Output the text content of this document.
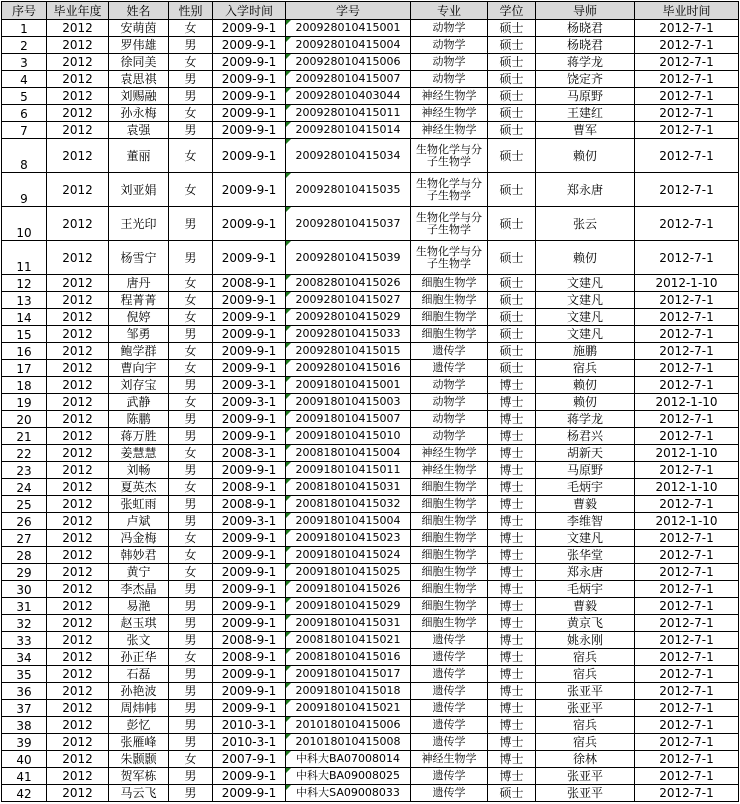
序号	毕业年度	姓名	性别	入学时间	学号	专业	学位	导师	毕业时间
1	2012	安萌茵	女	2009-9-1	200928010415001	动物学	硕士	杨晓君	2012-7-1
2	2012	罗伟雄	男	2009-9-1	200928010415004	动物学	硕士	杨晓君	2012-7-1
3	2012	徐同美	女	2009-9-1	200928010415006	动物学	硕士	蒋学龙	2012-7-1
4	2012	袁思祺	男	2009-9-1	200928010415007	动物学	硕士	饶定齐	2012-7-1
5	2012	刘赐融	男	2009-9-1	200928010403044	神经生物学	硕士	马原野	2012-7-1
6	2012	孙永梅	女	2009-9-1	200928010415011	神经生物学	硕士	王建红	2012-7-1
7	2012	袁强	男	2009-9-1	200928010415014	神经生物学	硕士	曹军	2012-7-1
8	2012	董丽	女	2009-9-1	200928010415034	生物化学与分子生物学	硕士	赖仞	2012-7-1
9	2012	刘亚娟	女	2009-9-1	200928010415035	生物化学与分子生物学	硕士	郑永唐	2012-7-1
10	2012	王光印	男	2009-9-1	200928010415037	生物化学与分子生物学	硕士	张云	2012-7-1
11	2012	杨雪宁	男	2009-9-1	200928010415039	生物化学与分子生物学	硕士	赖仞	2012-7-1
12	2012	唐丹	女	2008-9-1	200828010415026	细胞生物学	硕士	文建凡	2012-1-10
13	2012	程菁菁	女	2009-9-1	200928010415027	细胞生物学	硕士	文建凡	2012-7-1
14	2012	倪婷	女	2009-9-1	200928010415029	细胞生物学	硕士	文建凡	2012-7-1
15	2012	邹勇	男	2009-9-1	200928010415033	细胞生物学	硕士	文建凡	2012-7-1
16	2012	鲍学群	女	2009-9-1	200928010415015	遗传学	硕士	施鹏	2012-7-1
17	2012	曹向宇	女	2009-9-1	200928010415016	遗传学	硕士	宿兵	2012-7-1
18	2012	刘存宝	男	2009-3-1	200918010415001	动物学	博士	赖仞	2012-7-1
19	2012	武静	女	2009-3-1	200918010415003	动物学	博士	赖仞	2012-1-10
20	2012	陈鹏	男	2009-9-1	200918010415007	动物学	博士	蒋学龙	2012-7-1
21	2012	蒋万胜	男	2009-9-1	200918010415010	动物学	博士	杨君兴	2012-7-1
22	2012	姜慧慧	女	2008-3-1	200818010415004	神经生物学	博士	胡新天	2012-1-10
23	2012	刘畅	男	2009-9-1	200918010415011	神经生物学	博士	马原野	2012-7-1
24	2012	夏英杰	女	2008-9-1	200818010415031	细胞生物学	博士	毛炳宇	2012-1-10
25	2012	张虹雨	男	2008-9-1	200818010415032	细胞生物学	博士	曹毅	2012-7-1
26	2012	卢斌	男	2009-3-1	200918010415004	细胞生物学	博士	李维智	2012-1-10
27	2012	冯金梅	女	2009-9-1	200918010415023	细胞生物学	博士	文建凡	2012-7-1
28	2012	韩妙君	女	2009-9-1	200918010415024	细胞生物学	博士	张华堂	2012-7-1
29	2012	黄宁	女	2009-9-1	200918010415025	细胞生物学	博士	郑永唐	2012-7-1
30	2012	李杰晶	男	2009-9-1	200918010415026	细胞生物学	博士	毛炳宇	2012-7-1
31	2012	易滟	男	2009-9-1	200918010415029	细胞生物学	博士	曹毅	2012-7-1
32	2012	赵玉琪	男	2009-9-1	200918010415031	细胞生物学	博士	黄京飞	2012-7-1
33	2012	张文	男	2008-9-1	200818010415021	遗传学	博士	姚永刚	2012-7-1
34	2012	孙正华	女	2008-9-1	200818010415016	遗传学	博士	宿兵	2012-7-1
35	2012	石磊	男	2009-9-1	200918010415017	遗传学	博士	宿兵	2012-7-1
36	2012	孙艳波	男	2009-9-1	200918010415018	遗传学	博士	张亚平	2012-7-1
37	2012	周炜帏	男	2009-9-1	200918010415021	遗传学	博士	张亚平	2012-7-1
38	2012	彭忆	男	2010-3-1	201018010415006	遗传学	博士	宿兵	2012-7-1
39	2012	张雁峰	男	2010-3-1	201018010415008	遗传学	博士	宿兵	2012-7-1
40	2012	朱颢颢	女	2007-9-1	中科大BA07008014	神经生物学	博士	徐林	2012-7-1
41	2012	贺军栋	男	2009-9-1	中科大BA09008025	遗传学	博士	张亚平	2012-7-1
42	2012	马云飞	男	2009-9-1	中科大SA09008033	遗传学	硕士	张亚平	2012-7-1
